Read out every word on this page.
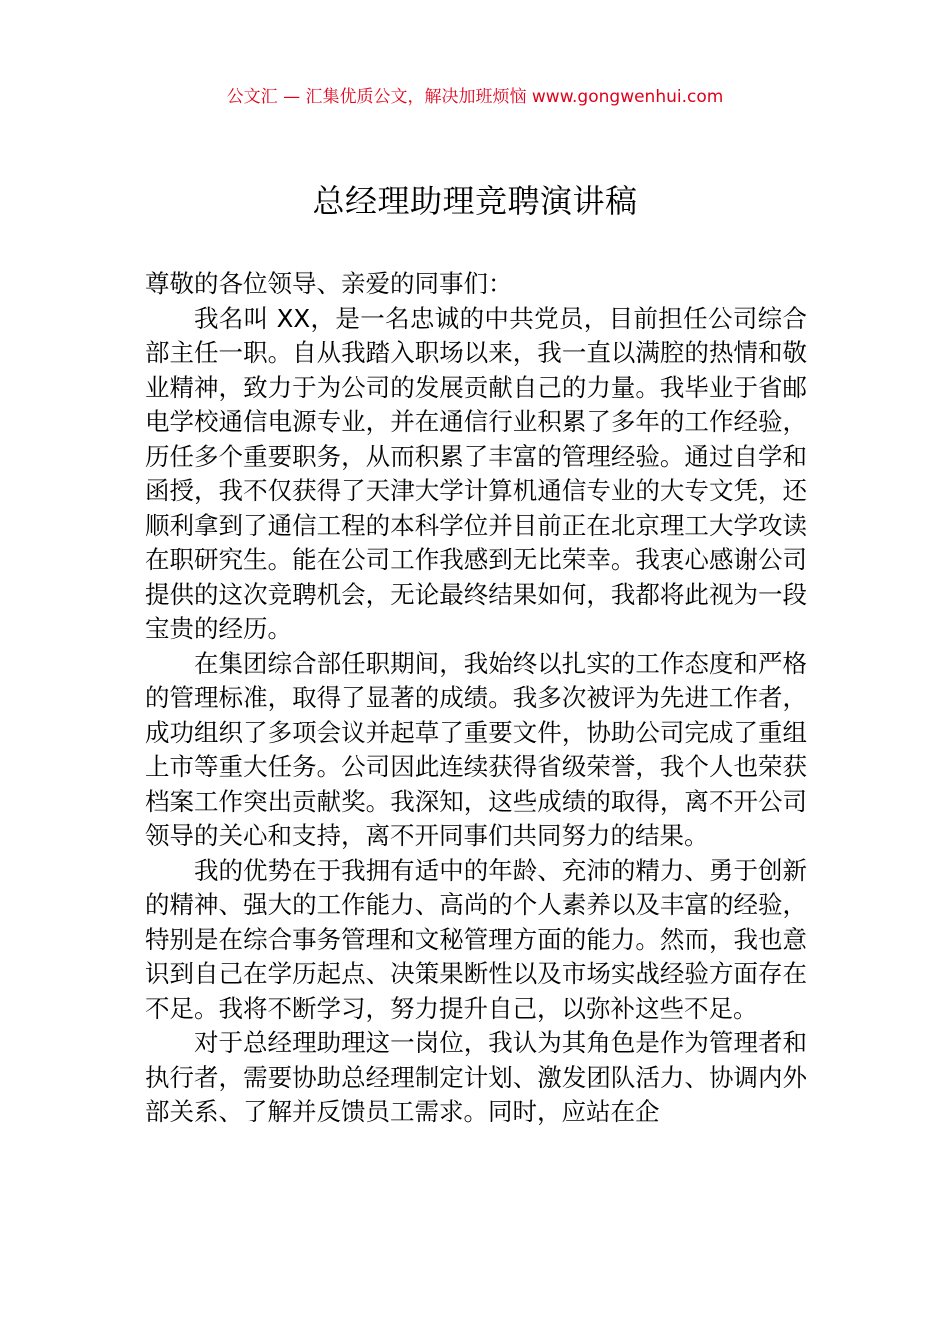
公文汇 — 汇集优质公文，解决加班烦恼 www.gongwenhui.com
总经理助理竞聘演讲稿

尊敬的各位领导、亲爱的同事们：

我名叫 XX，是一名忠诚的中共党员，目前担任公司综合部主任一职。自从我踏入职场以来，我一直以满腔的热情和敬业精神，致力于为公司的发展贡献自己的力量。我毕业于省邮电学校通信电源专业，并在通信行业积累了多年的工作经验，历任多个重要职务，从而积累了丰富的管理经验。通过自学和函授，我不仅获得了天津大学计算机通信专业的大专文凭，还顺利拿到了通信工程的本科学位并目前正在北京理工大学攻读在职研究生。能在公司工作我感到无比荣幸。我衷心感谢公司提供的这次竞聘机会，无论最终结果如何，我都将此视为一段宝贵的经历。

在集团综合部任职期间，我始终以扎实的工作态度和严格的管理标准，取得了显著的成绩。我多次被评为先进工作者，成功组织了多项会议并起草了重要文件，协助公司完成了重组上市等重大任务。公司因此连续获得省级荣誉，我个人也荣获档案工作突出贡献奖。我深知，这些成绩的取得，离不开公司领导的关心和支持，离不开同事们共同努力的结果。

我的优势在于我拥有适中的年龄、充沛的精力、勇于创新的精神、强大的工作能力、高尚的个人素养以及丰富的经验，特别是在综合事务管理和文秘管理方面的能力。然而，我也意识到自己在学历起点、决策果断性以及市场实战经验方面存在不足。我将不断学习，努力提升自己，以弥补这些不足。

对于总经理助理这一岗位，我认为其角色是作为管理者和执行者，需要协助总经理制定计划、激发团队活力、协调内外部关系、了解并反馈员工需求。同时，应站在企
